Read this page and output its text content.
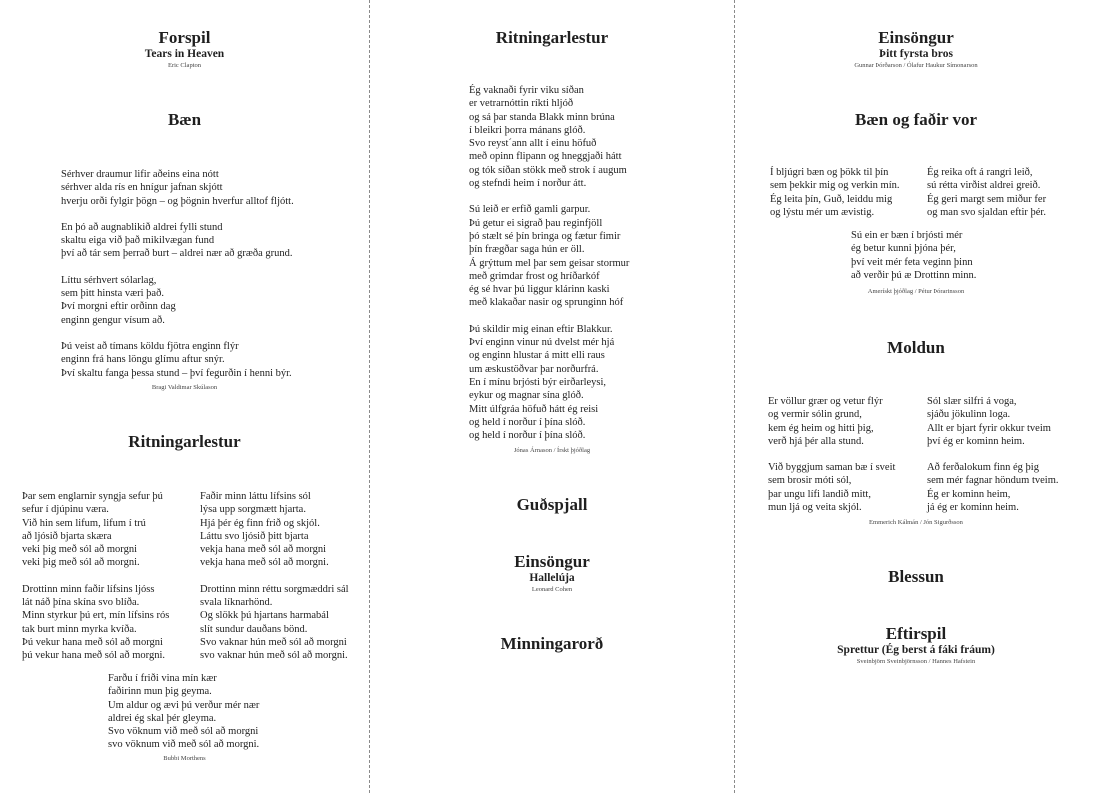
Forspil
Tears in Heaven
Eric Clapton
Bæn
Sérhver draumur lifir aðeins eina nótt
sérhver alda rís en hnígur jafnan skjótt
hverju orði fylgir þögn – og þögnin hverfur alltof fljótt.
En þó að augnablikið aldrei fylli stund
skaltu eiga við það mikilvægan fund
því að tár sem þerrað burt – aldrei nær að græða grund.
Líttu sérhvert sólarlag,
sem þitt hinsta væri það.
Því morgni eftir orðinn dag
enginn gengur vísum að.
Þú veist að tímans köldu fjötra enginn flýr
enginn frá hans löngu glímu aftur snýr.
Því skaltu fanga þessa stund – því fegurðin í henni býr.
Bragi Valdimar Skúlason
Ritningarlestur
Þar sem englarnir syngja sefur þú
sefur í djúpinu væra.
Við hin sem lifum, lifum í trú
að ljósið bjarta skæra
veki þig með sól að morgni
veki þig með sól að morgni.
Drottinn minn faðir lífsins ljóss
lát náð þína skína svo blíða.
Minn styrkur þú ert, mín lífsins rós
tak burt minn myrka kvíða.
Þú vekur hana með sól að morgni
þú vekur hana með sól að morgni.
Faðir minn láttu lífsins sól
lýsa upp sorgmætt hjarta.
Hjá þér ég finn frið og skjól.
Láttu svo ljósið þitt bjarta
vekja hana með sól að morgni
vekja hana með sól að morgni.
Drottinn minn réttu sorgmæddri sál
svala líknarhönd.
Og slökk þú hjartans harmabál
slít sundur dauðans bönd.
Svo vaknar hún með sól að morgni
svo vaknar hún með sól að morgni.
Farðu í friði vina mín kær
faðirinn mun þig geyma.
Um aldur og ævi þú verður mér nær
aldrei ég skal þér gleyma.
Svo vöknum við með sól að morgni
svo vöknum við með sól að morgni.
Bubbi Morthens
Ritningarlestur
Ég vaknaði fyrir viku síðan
er vetrarnóttin ríkti hljóð
og sá þar standa Blakk minn brúna
í bleikri þorra mánans glóð.
Svo reyst´ann allt í einu höfuð
með opinn flipann og hneggjaði hátt
og tók síðan stökk með strok í augum
og stefndi heim í norður átt.
Sú leið er erfið gamli garpur.
Þú getur ei sigrað þau reginfjöll
þó stælt sé þín bringa og fætur fimir
þín frægðar saga hún er öll.
Á grýttum mel þar sem geisar stormur
með grimdar frost og hríðarkóf
ég sé hvar þú liggur klárinn kaski
með klakaðar nasir og sprunginn hóf
Þú skildir mig einan eftir Blakkur.
Því enginn vinur nú dvelst mér hjá
og enginn hlustar á mitt elli raus
um æskustöðvar þar norðurfrá.
En í mínu brjósti býr eirðarleysi,
eykur og magnar sína glóð.
Mitt úlfgráa höfuð hátt ég reisi
og held í norður í þína slóð.
og held í norður í þína slóð.
Jónas Árnason / Írskt þjóðlag
Guðspjall
Einsöngur
Hallelúja
Leonard Cohen
Minningarorð
Einsöngur
Þitt fyrsta bros
Gunnar Þórðarson / Ólafur Haukur Símonarson
Bæn og faðir vor
Í bljúgri bæn og þökk til þín
sem þekkir mig og verkin mín.
Ég leita þín, Guð, leiddu mig
og lýstu mér um ævistig.
Ég reika oft á rangri leið,
sú rétta virðist aldrei greið.
Ég geri margt sem miður fer
og man svo sjaldan eftir þér.
Sú ein er bæn í brjósti mér
ég betur kunni þjóna þér,
því veit mér feta veginn þinn
að verðir þú æ Drottinn minn.
Amerískt þjóðlag / Pétur Þórarinsson
Moldun
Er völlur grær og vetur flýr
og vermir sólin grund,
kem ég heim og hitti þig,
verð hjá þér alla stund.
Við byggjum saman bæ í sveit
sem brosir móti sól,
þar ungu lífi landið mitt,
mun ljá og veita skjól.
Sól slær silfri á voga,
sjáðu jökulinn loga.
Allt er bjart fyrir okkur tveim
því ég er kominn heim.
Að ferðalokum finn ég þig
sem mér fagnar höndum tveim.
Ég er kominn heim,
já ég er kominn heim.
Emmerich Kálmán / Jón Sigurðsson
Blessun
Eftirspil
Sprettur (Ég berst á fáki fráum)
Sveinbjörn Sveinbjörnsson / Hannes Hafstein
